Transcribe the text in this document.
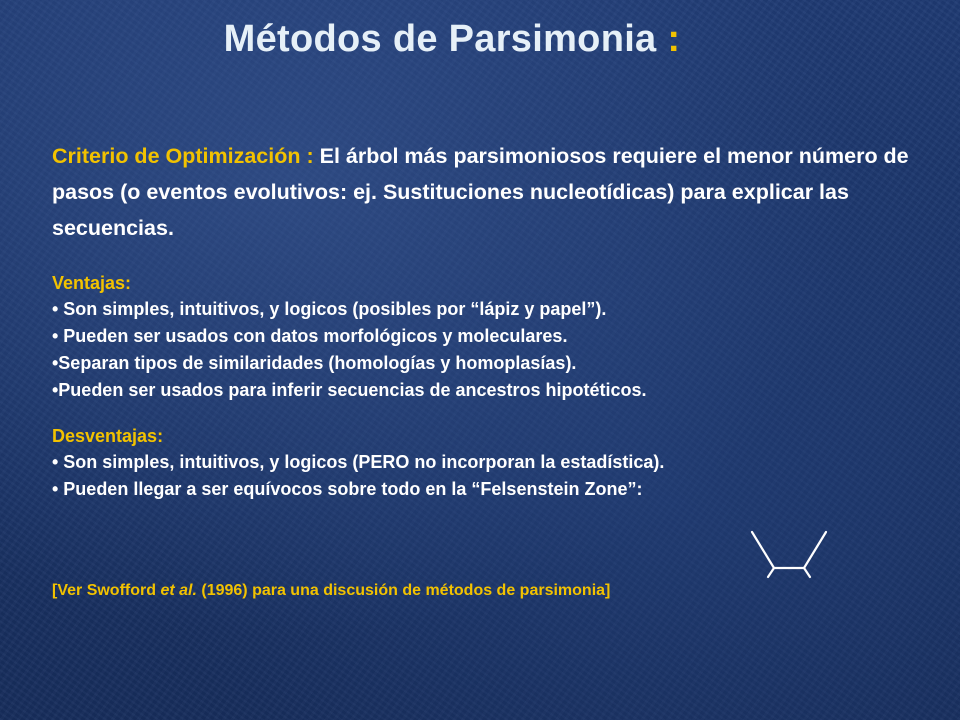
Métodos de Parsimonia :

Criterio de Optimización : El árbol más parsimoniosos requiere el menor número de pasos (o eventos evolutivos: ej. Sustituciones nucleotídicas) para explicar las secuencias.

Ventajas:

• Son simples, intuitivos, y logicos (posibles por “lápiz y papel”).

• Pueden ser usados con datos morfológicos y moleculares.

•Separan tipos de similaridades (homologías y homoplasías).

•Pueden ser usados para inferir secuencias de ancestros hipotéticos.

Desventajas:

• Son simples, intuitivos, y logicos (PERO no incorporan la estadística).

• Pueden llegar a ser equívocos sobre todo en la “Felsenstein Zone”:

[Ver Swofford et al. (1996) para una discusión de métodos de parsimonia]
